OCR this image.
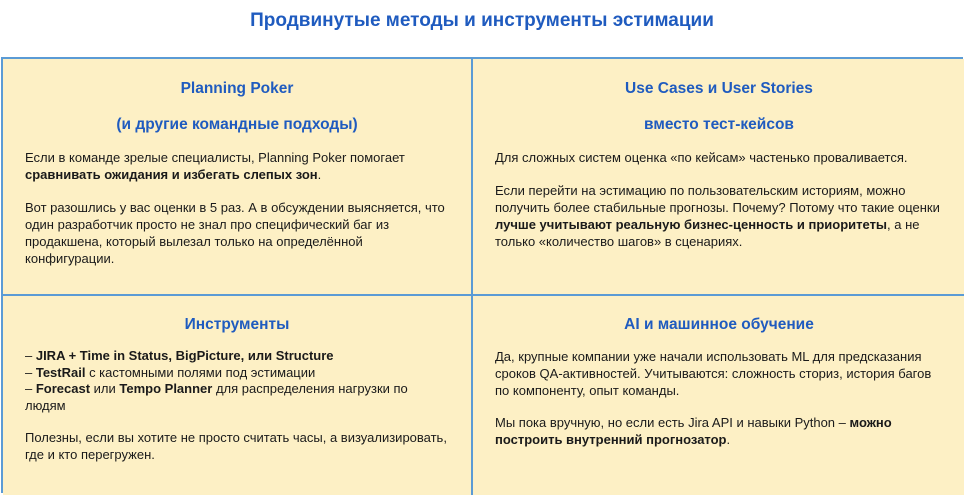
Продвинутые методы и инструменты эстимации
Planning Poker
(и другие командные подходы)
Если в команде зрелые специалисты, Planning Poker помогает сравнивать ожидания и избегать слепых зон.
Вот разошлись у вас оценки в 5 раз. А в обсуждении выясняется, что один разработчик просто не знал про специфический баг из продакшена, который вылезал только на определённой конфигурации.
Use Cases и User Stories
вместо тест-кейсов
Для сложных систем оценка «по кейсам» частенько проваливается.
Если перейти на эстимацию по пользовательским историям, можно получить более стабильные прогнозы. Почему? Потому что такие оценки лучше учитывают реальную бизнес-ценность и приоритеты, а не только «количество шагов» в сценариях.
Инструменты
– JIRA + Time in Status, BigPicture, или Structure
– TestRail с кастомными полями под эстимации
– Forecast или Tempo Planner для распределения нагрузки по людям
Полезны, если вы хотите не просто считать часы, а визуализировать, где и кто перегружен.
AI и машинное обучение
Да, крупные компании уже начали использовать ML для предсказания сроков QA-активностей. Учитываются: сложность сториз, история багов по компоненту, опыт команды.
Мы пока вручную, но если есть Jira API и навыки Python – можно построить внутренний прогнозатор.
